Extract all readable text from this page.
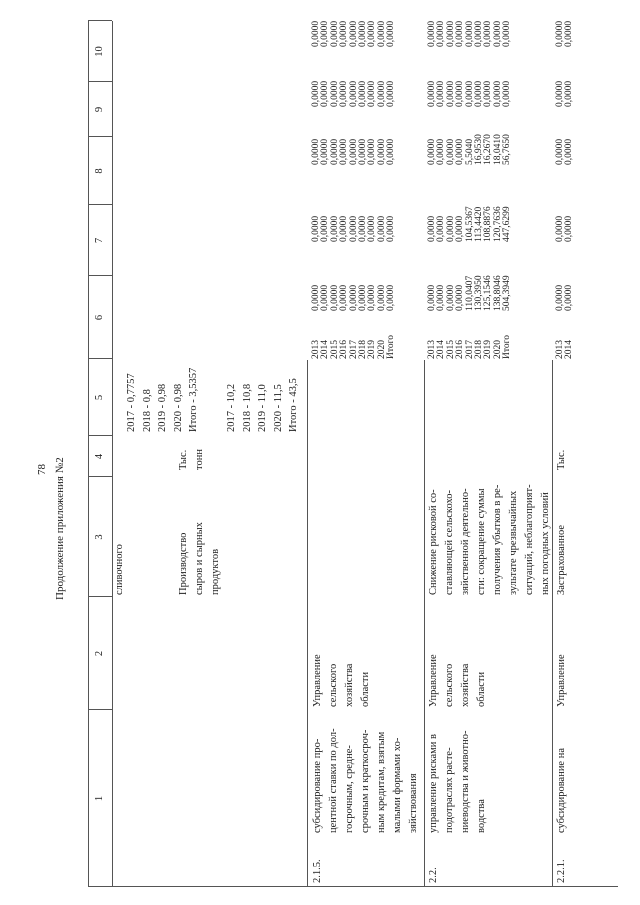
78 Продолжение приложения №2
1
2
3
4
5
6
7
8
9
10
сливочного
2017 - 0,7757
2018 - 0,8
2019 - 0,98
2020 - 0,98
Итого - 3,5357
Производство
сыров и сырных
продуктов
Тыс.
тонн
2017 - 10,2
2018 - 10,8
2019 - 11,0
2020 - 11,5
Итого - 43,5
2.1.5.
субсидирование про-
центной ставки по дол-
госрочным, средне-
срочным и краткосроч-
ным кредитам, взятым
малыми формами хо-
зяйствования
Управление
сельского
хозяйства
области
2013
2014
2015
2016
2017
2018
2019
2020
Итого
0,0000
0,0000
0,0000
0,0000
0,0000
0,0000
0,0000
0,0000
0,0000
0,0000
0,0000
0,0000
0,0000
0,0000
0,0000
0,0000
0,0000
0,0000
0,0000
0,0000
0,0000
0,0000
0,0000
0,0000
0,0000
0,0000
0,0000
0,0000
0,0000
0,0000
0,0000
0,0000
0,0000
0,0000
0,0000
0,0000
0,0000
0,0000
0,0000
0,0000
0,0000
0,0000
0,0000
0,0000
0,0000
2.2.
управление рисками в
подотраслях расте-
ниеводства и животно-
водства
Управление
сельского
хозяйства
области
Снижение рисковой со-
ставляющей сельскохо-
зяйственной деятельно-
сти: сокращение суммы
получения убытков в ре-
зультате чрезвычайных
ситуаций, неблагоприят-
ных погодных условий
2013
2014
2015
2016
2017
2018
2019
2020
Итого
0,0000
0,0000
0,0000
0,0000
110,0407
130,3950
125,1546
138,8046
504,3949
0,0000
0,0000
0,0000
0,0000
104,5367
113,4420
108,8876
120,7636
447,6299
0,0000
0,0000
0,0000
0,0000
5,5040
16,9530
16,2670
18,0410
56,7650
0,0000
0,0000
0,0000
0,0000
0,0000
0,0000
0,0000
0,0000
0,0000
0,0000
0,0000
0,0000
0,0000
0,0000
0,0000
0,0000
0,0000
0,0000
2.2.1.
субсидирование на
Управление
Застрахованное
Тыс.
2013
2014
0,0000
0,0000
0,0000
0,0000
0,0000
0,0000
0,0000
0,0000
0,0000
0,0000
